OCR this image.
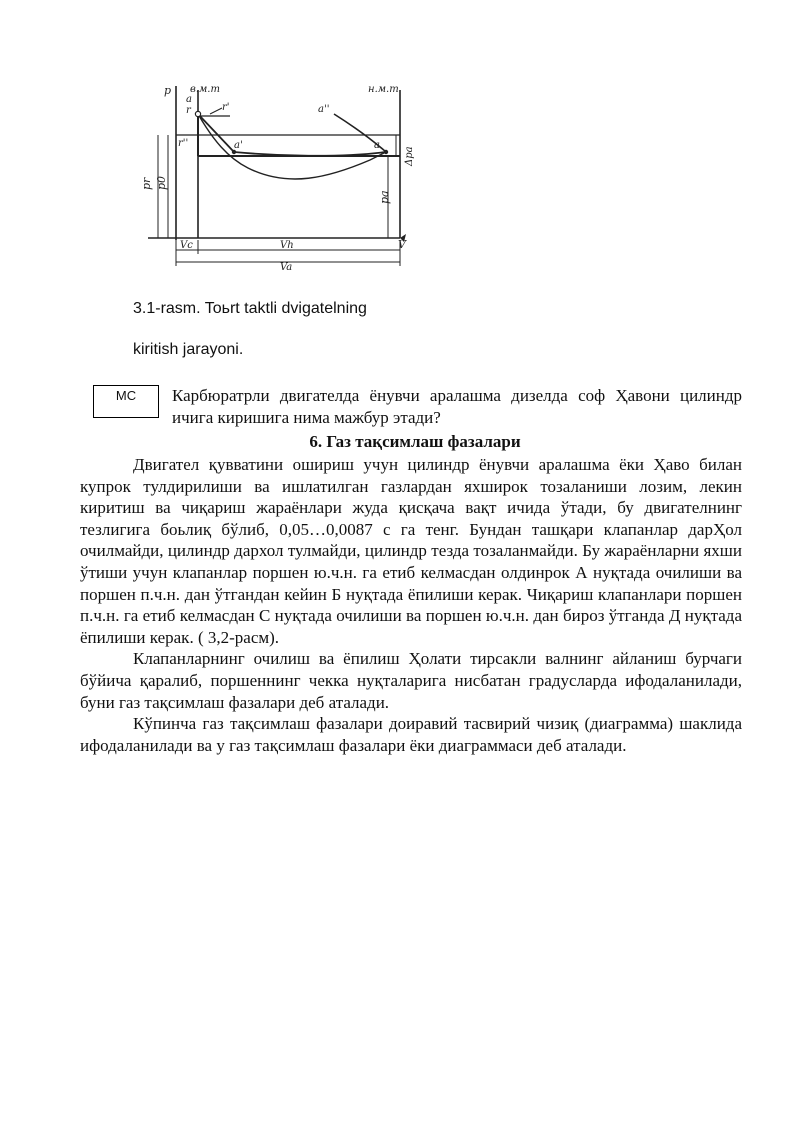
p в.м.т	н.м.т
a
r	r'
r''	a'
a''
a
Δpa
pr p0
pa
Vc	Vh
Va
V
3.1-rasm. Toьrt taktli dvigatelning
kiritish jarayoni.
MC	Карбюратрли двигателда ёнувчи аралашма дизелда соф Ҳавони цилиндр ичига киришига нима мажбур этади?
6. Газ тақсимлаш фазалари

Двигател қувватини ошириш учун цилиндр ёнувчи аралашма ёки Ҳаво билан купрок тулдирилиши ва ишлатилган газлардан яхширок тозаланиши лозим, лекин киритиш ва чиқариш жараёнлари жуда қисқача вақт ичида ўтади, бу двигателнинг тезлигига боьлиқ бўлиб, 0,05…0,0087 с га тенг. Бундан ташқари клапанлар дарҲол очилмайди, цилиндр дархол тулмайди, цилиндр тезда тозаланмайди. Бу жараёнларни яхши ўтиши учун клапанлар поршен ю.ч.н. га етиб келмасдан олдинрок А нуқтада очилиши ва поршен п.ч.н. дан ўтгандан кейин Б нуқтада ёпилиши керак. Чиқариш клапанлари поршен п.ч.н. га етиб келмасдан С нуқтада очилиши ва поршен ю.ч.н. дан бироз ўтганда Д нуқтада ёпилиши керак. ( 3,2-расм).

Клапанларнинг очилиш ва ёпилиш Ҳолати тирсакли валнинг айланиш бурчаги бўйича қаралиб, поршеннинг чекка нуқталарига нисбатан градусларда ифодаланилади, буни газ тақсимлаш фазалари деб аталади.

Кўпинча газ тақсимлаш фазалари доиравий тасвирий чизиқ (диаграмма) шаклида ифодаланилади ва у газ тақсимлаш фазалари ёки диаграммаси деб аталади.
